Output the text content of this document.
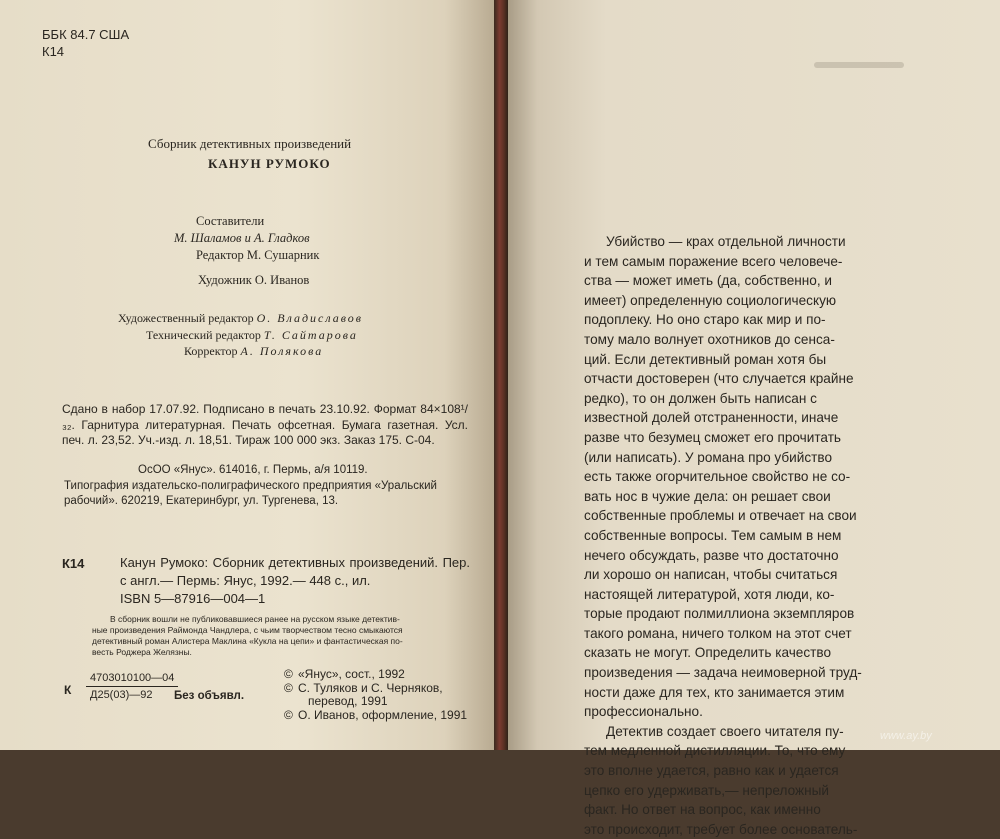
ББК 84.7 США
К14
Сборник детективных произведений
КАНУН РУМОКО
Составители
М. Шаламов и А. Гладков
Редактор М. Сушарник
Художник О. Иванов
Художественный редактор О. Владиславов
Технический редактор Т. Сайтарова
Корректор А. Полякова
Сдано в набор 17.07.92. Подписано в печать 23.10.92. Формат 84×108¹/₃₂. Гарнитура литературная. Печать офсетная. Бумага газетная. Усл. печ. л. 23,52. Уч.-изд. л. 18,51. Тираж 100 000 экз. Заказ 175. С-04.
ОсОО «Янус». 614016, г. Пермь, а/я 10119.
Типография издательско-полиграфического предприятия «Уральский
рабочий». 620219, Екатеринбург, ул. Тургенева, 13.
К14	Канун Румоко: Сборник детективных произведений. Пер. с англ.— Пермь: Янус, 1992.— 448 с., ил.
ISBN 5—87916—004—1
В сборник вошли не публиковавшиеся ранее на русском языке детектив-
ные произведения Раймонда Чандлера, с чьим творчеством тесно смыкаются
детективный роман Алистера Маклина «Кукла на цепи» и фантастическая по-
весть Роджера Желязны.
К
4703010100—04
Д25(03)—92	Без объявл.
© «Янус», сост., 1992
© С. Туляков и С. Черняков,
перевод, 1991
© О. Иванов, оформление, 1991
Убийство — крах отдельной личности
и тем самым поражение всего человече-
ства — может иметь (да, собственно, и
имеет) определенную социологическую
подоплеку. Но оно старо как мир и по-
тому мало волнует охотников до сенса-
ций. Если детективный роман хотя бы
отчасти достоверен (что случается крайне
редко), то он должен быть написан с
известной долей отстраненности, иначе
разве что безумец сможет его прочитать
(или написать). У романа про убийство
есть также огорчительное свойство не со-
вать нос в чужие дела: он решает свои
собственные проблемы и отвечает на свои
собственные вопросы. Тем самым в нем
нечего обсуждать, разве что достаточно
ли хорошо он написан, чтобы считаться
настоящей литературой, хотя люди, ко-
торые продают полмиллиона экземпляров
такого романа, ничего толком на этот счет
сказать не могут. Определить качество
произведения — задача неимоверной труд-
ности даже для тех, кто занимается этим
профессионально.
Детектив создает своего читателя пу-
тем медленной дистилляции. То, что ему
это вполне удается, равно как и удается
цепко его удерживать,— непреложный
факт. Но ответ на вопрос, как именно
это происходит, требует более основатель-
www.ay.by
